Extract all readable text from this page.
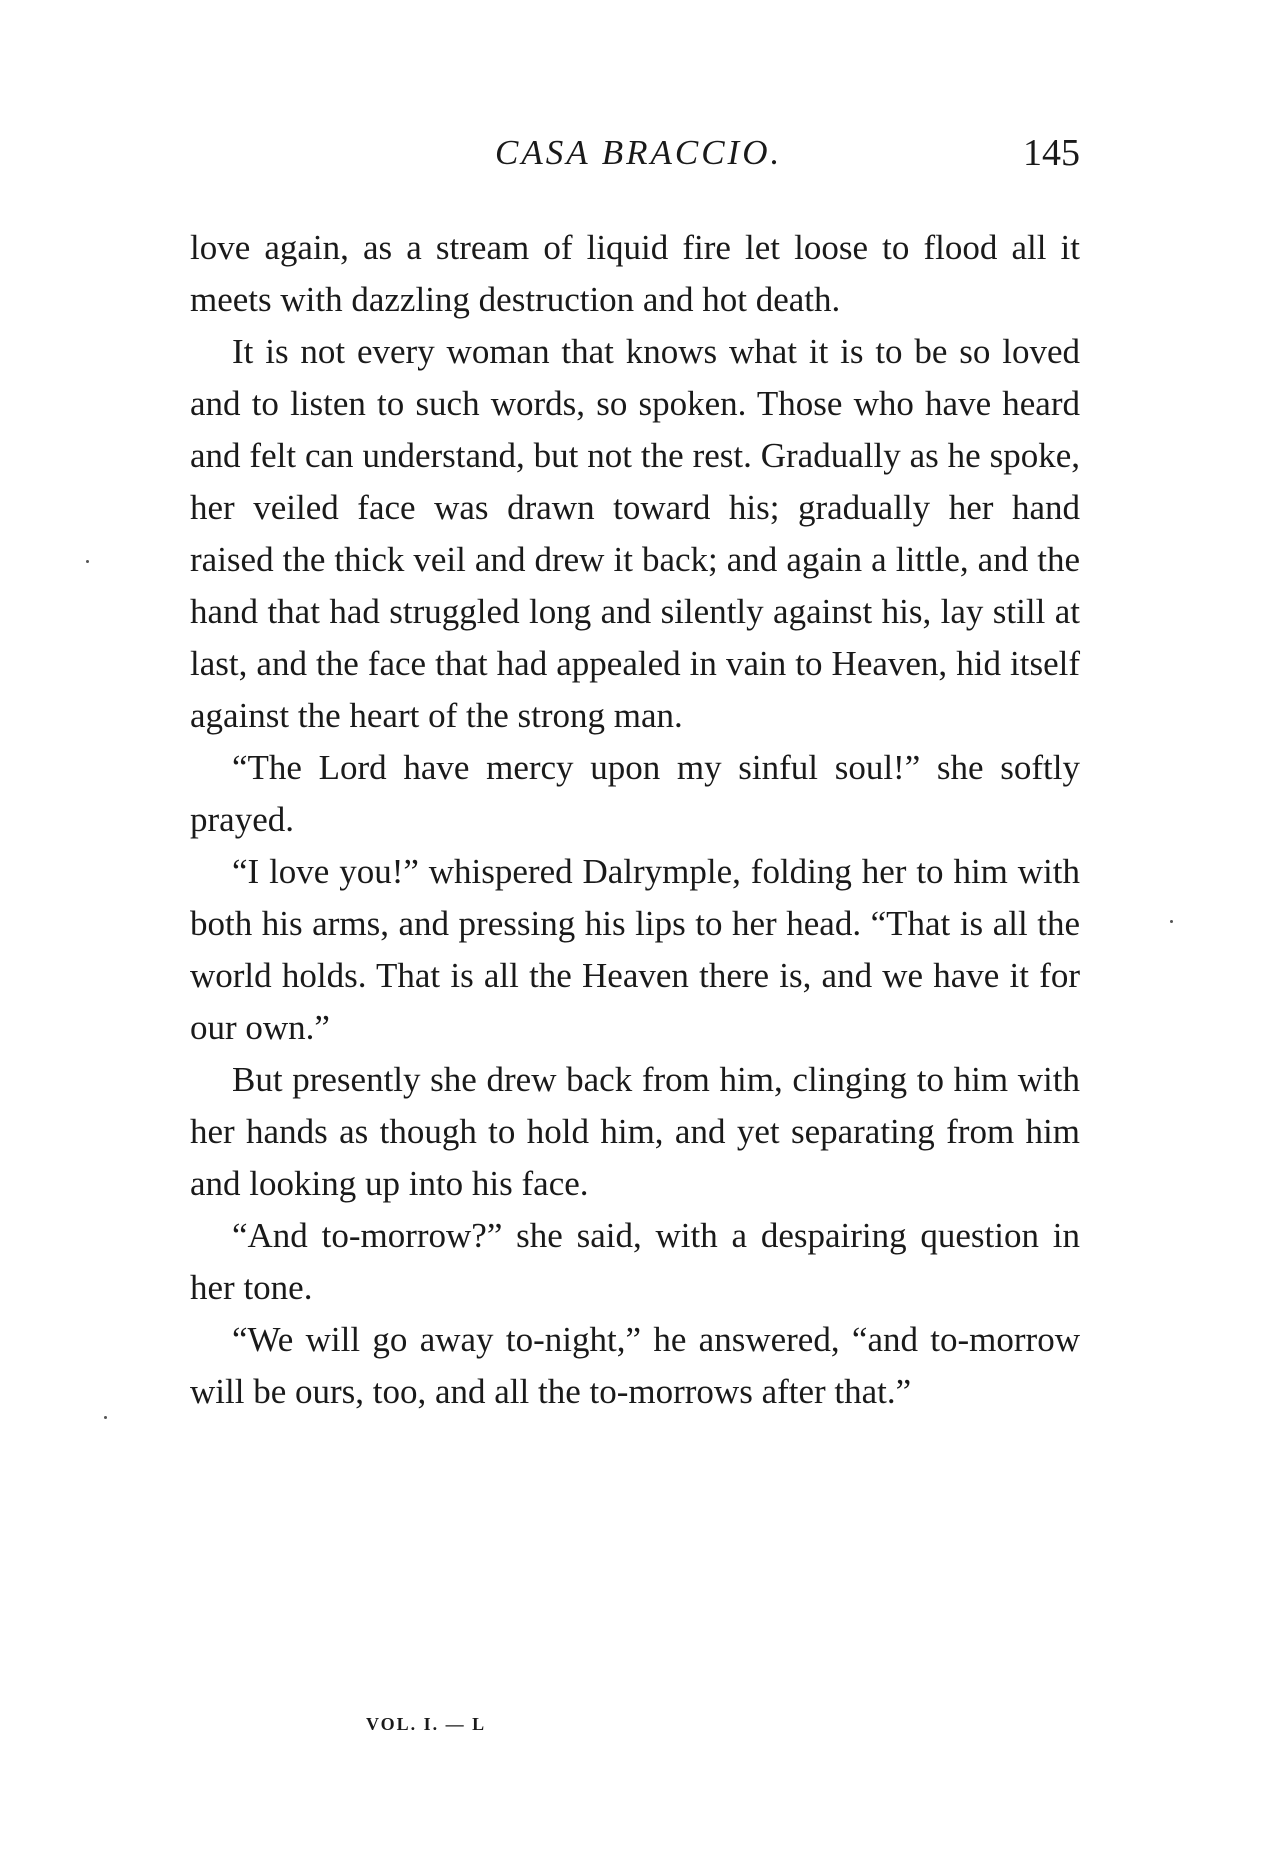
CASA BRACCIO.	145

love again, as a stream of liquid fire let loose to flood all it meets with dazzling destruction and hot death.

It is not every woman that knows what it is to be so loved and to listen to such words, so spoken. Those who have heard and felt can understand, but not the rest. Gradually as he spoke, her veiled face was drawn toward his; gradually her hand raised the thick veil and drew it back; and again a little, and the hand that had struggled long and silently against his, lay still at last, and the face that had appealed in vain to Heaven, hid itself against the heart of the strong man.

“The Lord have mercy upon my sinful soul!” she softly prayed.

“I love you!” whispered Dalrymple, folding her to him with both his arms, and pressing his lips to her head. “That is all the world holds. That is all the Heaven there is, and we have it for our own.”

But presently she drew back from him, clinging to him with her hands as though to hold him, and yet separating from him and looking up into his face.

“And to-morrow?” she said, with a despairing question in her tone.

“We will go away to-night,” he answered, “and to-morrow will be ours, too, and all the to-morrows after that.”

VOL. I. — L
